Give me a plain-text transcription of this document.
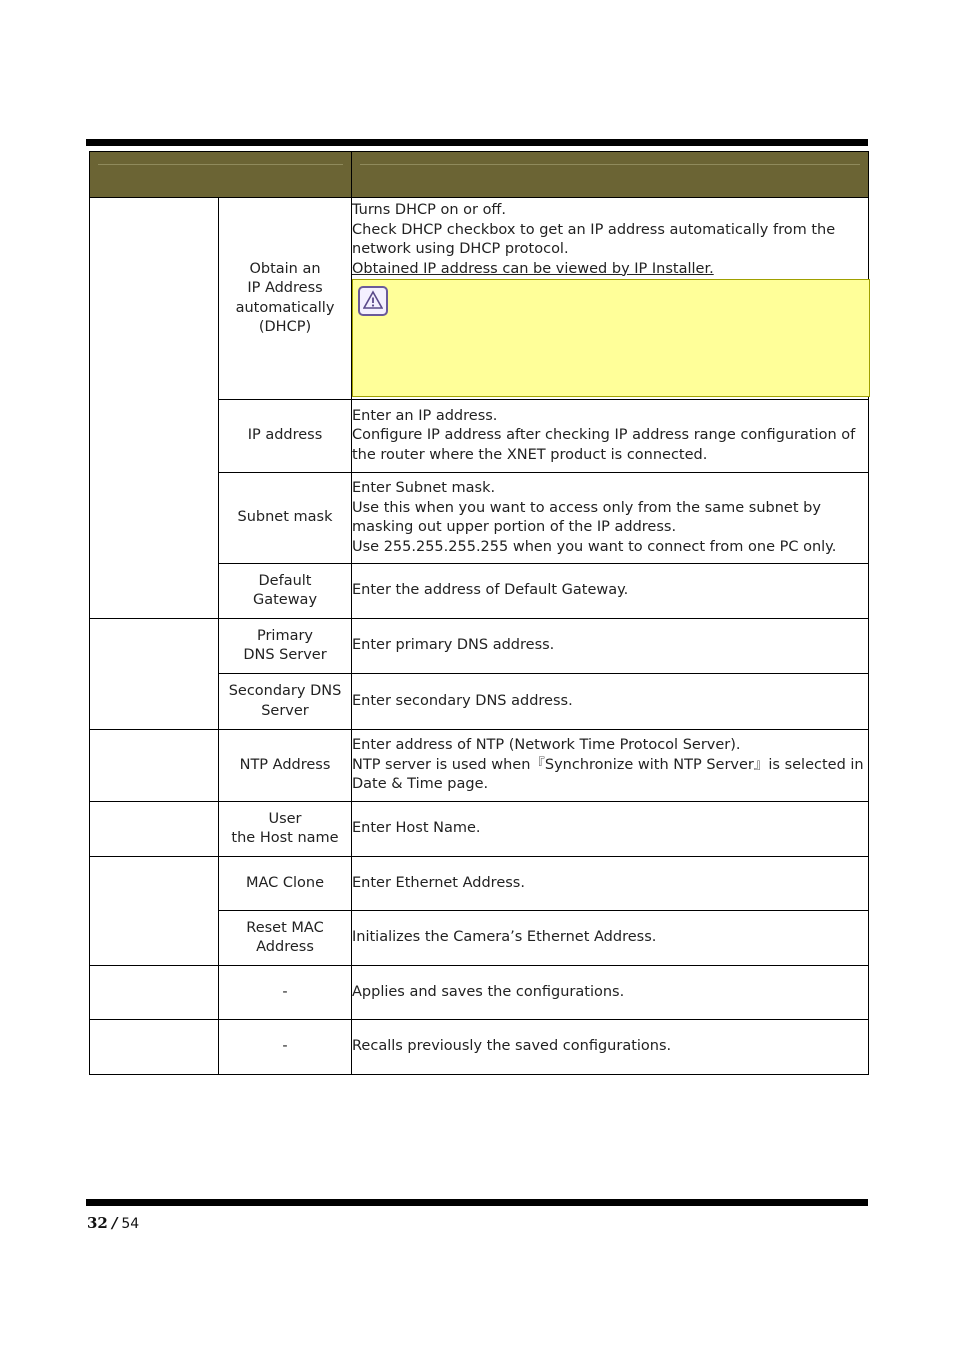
	Obtain an
IP Address
automatically
(DHCP)	Turns DHCP on or off.
Check DHCP checkbox to get an IP address automatically from the network using DHCP protocol.
Obtained IP address can be viewed by IP Installer.

	IP address	Enter an IP address.
Configure IP address after checking IP address range configuration of the router where the XNET product is connected.

	Subnet mask	Enter Subnet mask.
Use this when you want to access only from the same subnet by masking out upper portion of the IP address.
Use 255.255.255.255 when you want to connect from one PC only.

	Default
Gateway	Enter the address of Default Gateway.

	Primary
DNS Server	Enter primary DNS address.

	Secondary DNS
Server	Enter secondary DNS address.

	NTP Address	Enter address of NTP (Network Time Protocol Server).
NTP server is used when『Synchronize with NTP Server』is selected in Date & Time page.

	User
the Host name	Enter Host Name.

	MAC Clone	Enter Ethernet Address.

	Reset MAC
Address	Initializes the Camera’s Ethernet Address.

	-	Applies and saves the configurations.

	-	Recalls previously the saved configurations.
32 / 54
